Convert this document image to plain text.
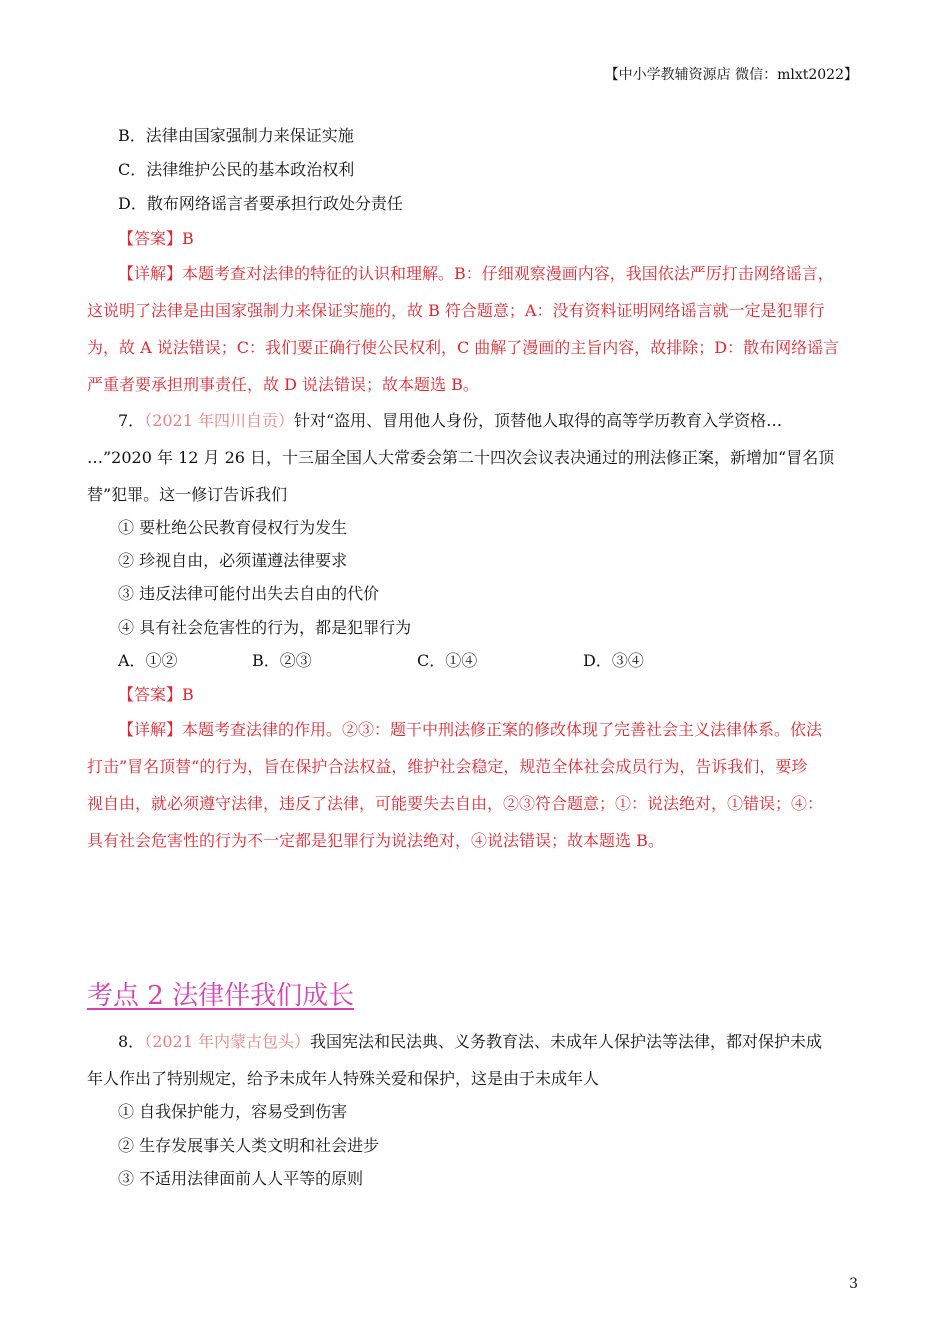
【中小学教辅资源店 微信：mlxt2022】
B．法律由国家强制力来保证实施
C．法律维护公民的基本政治权利
D．散布网络谣言者要承担行政处分责任
【答案】B
【详解】本题考查对法律的特征的认识和理解。B：仔细观察漫画内容，我国依法严厉打击网络谣言，
这说明了法律是由国家强制力来保证实施的，故 B 符合题意；A：没有资料证明网络谣言就一定是犯罪行
为，故 A 说法错误；C：我们要正确行使公民权利，C 曲解了漫画的主旨内容，故排除；D：散布网络谣言
严重者要承担刑事责任，故 D 说法错误；故本题选 B。
7．（2021 年四川自贡）针对“盗用、冒用他人身份，顶替他人取得的高等学历教育入学资格…
…”2020 年 12 月 26 日，十三届全国人大常委会第二十四次会议表决通过的刑法修正案，新增加“冒名顶
替”犯罪。这一修订告诉我们
① 要杜绝公民教育侵权行为发生
② 珍视自由，必须谨遵法律要求
③ 违反法律可能付出失去自由的代价
④ 具有社会危害性的行为，都是犯罪行为
A．①②	B．②③	C．①④	D．③④
【答案】B
【详解】本题考查法律的作用。②③：题干中刑法修正案的修改体现了完善社会主义法律体系。依法
打击”冒名顶替“的行为，旨在保护合法权益，维护社会稳定，规范全体社会成员行为，告诉我们，要珍
视自由，就必须遵守法律，违反了法律，可能要失去自由，②③符合题意；①：说法绝对，①错误；④：
具有社会危害性的行为不一定都是犯罪行为说法绝对，④说法错误；故本题选 B。
考点 2 法律伴我们成长
8．（2021 年内蒙古包头）我国宪法和民法典、义务教育法、未成年人保护法等法律，都对保护未成
年人作出了特别规定，给予未成年人特殊关爱和保护，这是由于未成年人
① 自我保护能力，容易受到伤害
② 生存发展事关人类文明和社会进步
③ 不适用法律面前人人平等的原则
3
